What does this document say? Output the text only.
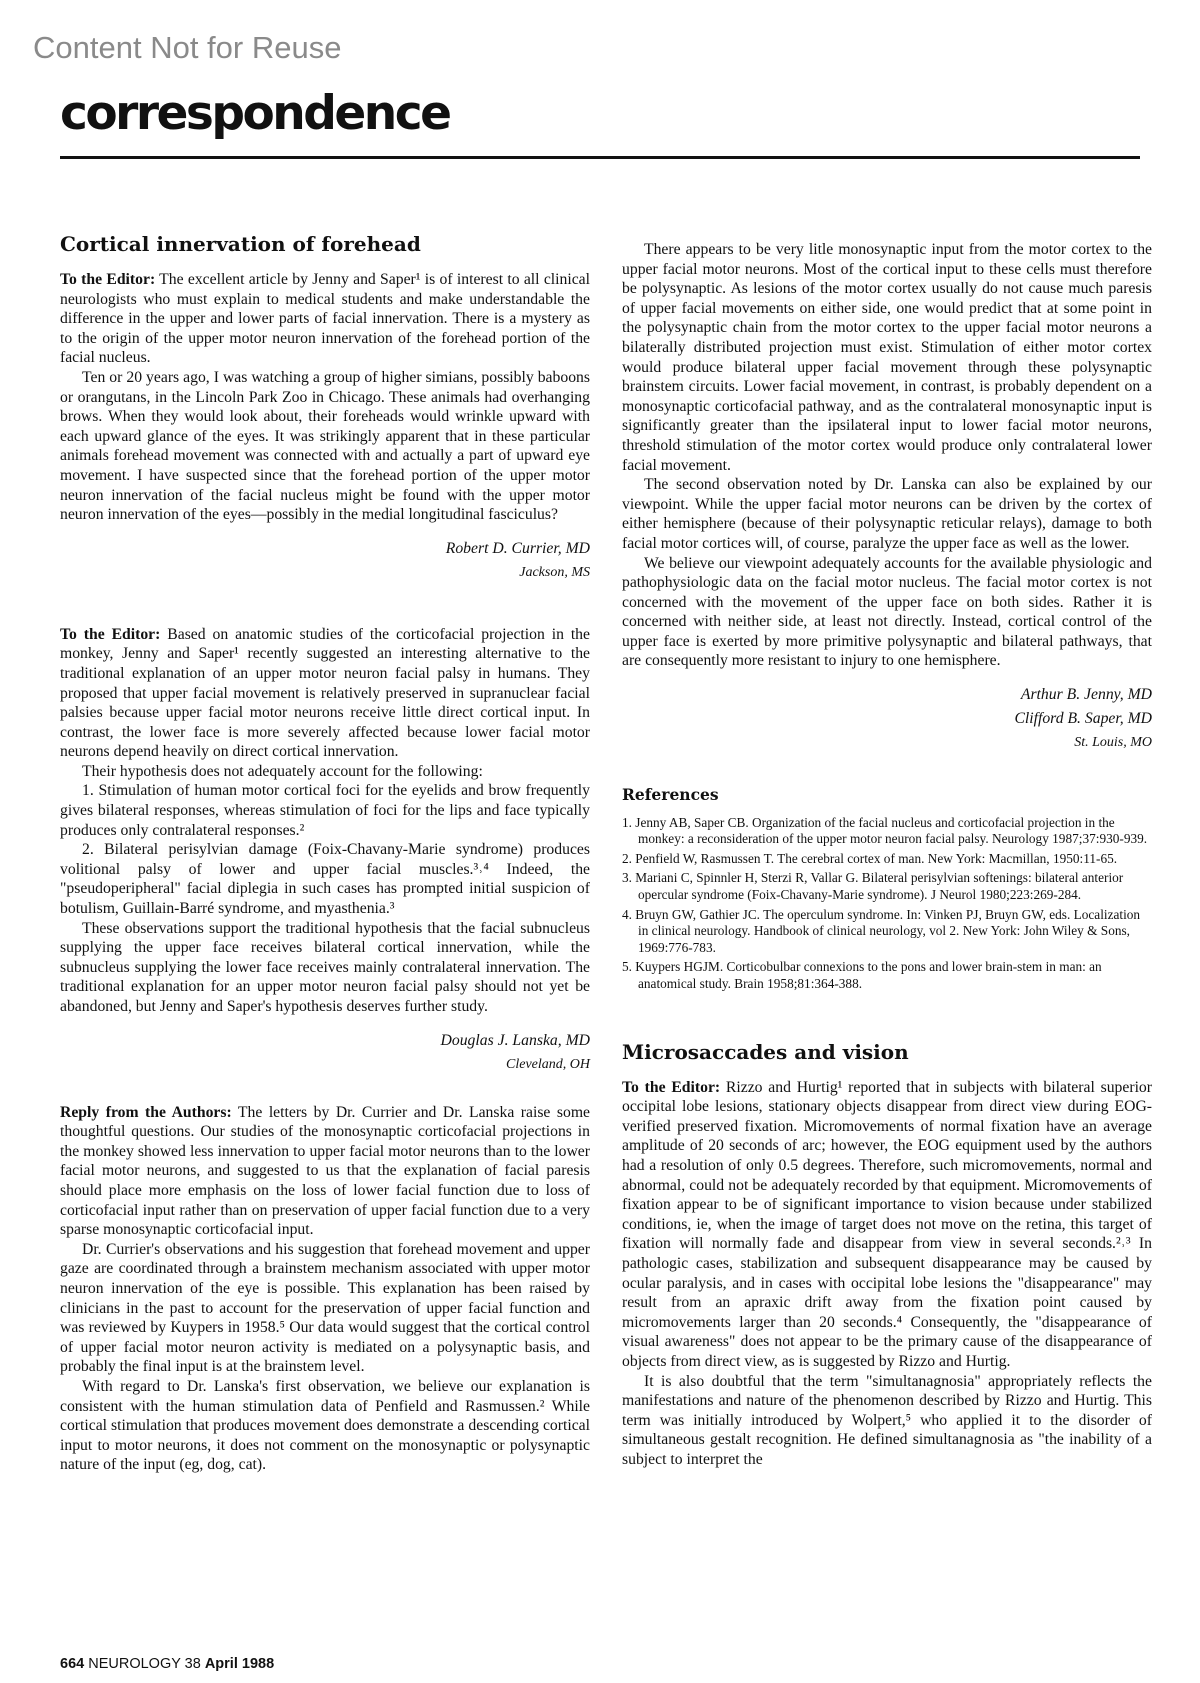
Content Not for Reuse
correspondence
Cortical innervation of forehead

To the Editor: The excellent article by Jenny and Saper¹ is of interest to all clinical neurologists who must explain to medical students and make understandable the difference in the upper and lower parts of facial innervation. There is a mystery as to the origin of the upper motor neuron innervation of the forehead portion of the facial nucleus.

Ten or 20 years ago, I was watching a group of higher simians, possibly baboons or orangutans, in the Lincoln Park Zoo in Chicago. These animals had overhanging brows. When they would look about, their foreheads would wrinkle upward with each upward glance of the eyes. It was strikingly apparent that in these particular animals forehead movement was connected with and actually a part of upward eye movement. I have suspected since that the forehead portion of the upper motor neuron innervation of the facial nucleus might be found with the upper motor neuron innervation of the eyes—possibly in the medial longitudinal fasciculus?

Robert D. Currier, MD
Jackson, MS

To the Editor: Based on anatomic studies of the corticofacial projection in the monkey, Jenny and Saper¹ recently suggested an interesting alternative to the traditional explanation of an upper motor neuron facial palsy in humans. They proposed that upper facial movement is relatively preserved in supranuclear facial palsies because upper facial motor neurons receive little direct cortical input. In contrast, the lower face is more severely affected because lower facial motor neurons depend heavily on direct cortical innervation.

Their hypothesis does not adequately account for the following:

1. Stimulation of human motor cortical foci for the eyelids and brow frequently gives bilateral responses, whereas stimulation of foci for the lips and face typically produces only contralateral responses.²

2. Bilateral perisylvian damage (Foix-Chavany-Marie syndrome) produces volitional palsy of lower and upper facial muscles.³˒⁴ Indeed, the "pseudoperipheral" facial diplegia in such cases has prompted initial suspicion of botulism, Guillain-Barré syndrome, and myasthenia.³

These observations support the traditional hypothesis that the facial subnucleus supplying the upper face receives bilateral cortical innervation, while the subnucleus supplying the lower face receives mainly contralateral innervation. The traditional explanation for an upper motor neuron facial palsy should not yet be abandoned, but Jenny and Saper's hypothesis deserves further study.

Douglas J. Lanska, MD
Cleveland, OH

Reply from the Authors: The letters by Dr. Currier and Dr. Lanska raise some thoughtful questions. Our studies of the monosynaptic corticofacial projections in the monkey showed less innervation to upper facial motor neurons than to the lower facial motor neurons, and suggested to us that the explanation of facial paresis should place more emphasis on the loss of lower facial function due to loss of corticofacial input rather than on preservation of upper facial function due to a very sparse monosynaptic corticofacial input.

Dr. Currier's observations and his suggestion that forehead movement and upper gaze are coordinated through a brainstem mechanism associated with upper motor neuron innervation of the eye is possible. This explanation has been raised by clinicians in the past to account for the preservation of upper facial function and was reviewed by Kuypers in 1958.⁵ Our data would suggest that the cortical control of upper facial motor neuron activity is mediated on a polysynaptic basis, and probably the final input is at the brainstem level.

With regard to Dr. Lanska's first observation, we believe our explanation is consistent with the human stimulation data of Penfield and Rasmussen.² While cortical stimulation that produces movement does demonstrate a descending cortical input to motor neurons, it does not comment on the monosynaptic or polysynaptic nature of the input (eg, dog, cat).

There appears to be very litle monosynaptic input from the motor cortex to the upper facial motor neurons. Most of the cortical input to these cells must therefore be polysynaptic. As lesions of the motor cortex usually do not cause much paresis of upper facial movements on either side, one would predict that at some point in the polysynaptic chain from the motor cortex to the upper facial motor neurons a bilaterally distributed projection must exist. Stimulation of either motor cortex would produce bilateral upper facial movement through these polysynaptic brainstem circuits. Lower facial movement, in contrast, is probably dependent on a monosynaptic corticofacial pathway, and as the contralateral monosynaptic input is significantly greater than the ipsilateral input to lower facial motor neurons, threshold stimulation of the motor cortex would produce only contralateral lower facial movement.

The second observation noted by Dr. Lanska can also be explained by our viewpoint. While the upper facial motor neurons can be driven by the cortex of either hemisphere (because of their polysynaptic reticular relays), damage to both facial motor cortices will, of course, paralyze the upper face as well as the lower.

We believe our viewpoint adequately accounts for the available physiologic and pathophysiologic data on the facial motor nucleus. The facial motor cortex is not concerned with the movement of the upper face on both sides. Rather it is concerned with neither side, at least not directly. Instead, cortical control of the upper face is exerted by more primitive polysynaptic and bilateral pathways, that are consequently more resistant to injury to one hemisphere.

Arthur B. Jenny, MD
Clifford B. Saper, MD
St. Louis, MO
References
1. Jenny AB, Saper CB. Organization of the facial nucleus and corticofacial projection in the monkey: a reconsideration of the upper motor neuron facial palsy. Neurology 1987;37:930-939.
2. Penfield W, Rasmussen T. The cerebral cortex of man. New York: Macmillan, 1950:11-65.
3. Mariani C, Spinnler H, Sterzi R, Vallar G. Bilateral perisylvian softenings: bilateral anterior opercular syndrome (Foix-Chavany-Marie syndrome). J Neurol 1980;223:269-284.
4. Bruyn GW, Gathier JC. The operculum syndrome. In: Vinken PJ, Bruyn GW, eds. Localization in clinical neurology. Handbook of clinical neurology, vol 2. New York: John Wiley & Sons, 1969:776-783.
5. Kuypers HGJM. Corticobulbar connexions to the pons and lower brain-stem in man: an anatomical study. Brain 1958;81:364-388.
Microsaccades and vision

To the Editor: Rizzo and Hurtig¹ reported that in subjects with bilateral superior occipital lobe lesions, stationary objects disappear from direct view during EOG-verified preserved fixation. Micromovements of normal fixation have an average amplitude of 20 seconds of arc; however, the EOG equipment used by the authors had a resolution of only 0.5 degrees. Therefore, such micromovements, normal and abnormal, could not be adequately recorded by that equipment. Micromovements of fixation appear to be of significant importance to vision because under stabilized conditions, ie, when the image of target does not move on the retina, this target of fixation will normally fade and disappear from view in several seconds.²˒³ In pathologic cases, stabilization and subsequent disappearance may be caused by ocular paralysis, and in cases with occipital lobe lesions the "disappearance" may result from an apraxic drift away from the fixation point caused by micromovements larger than 20 seconds.⁴ Consequently, the "disappearance of visual awareness" does not appear to be the primary cause of the disappearance of objects from direct view, as is suggested by Rizzo and Hurtig.

It is also doubtful that the term "simultanagnosia" appropriately reflects the manifestations and nature of the phenomenon described by Rizzo and Hurtig. This term was initially introduced by Wolpert,⁵ who applied it to the disorder of simultaneous gestalt recognition. He defined simultanagnosia as "the inability of a subject to interpret the

664 NEUROLOGY 38 April 1988
